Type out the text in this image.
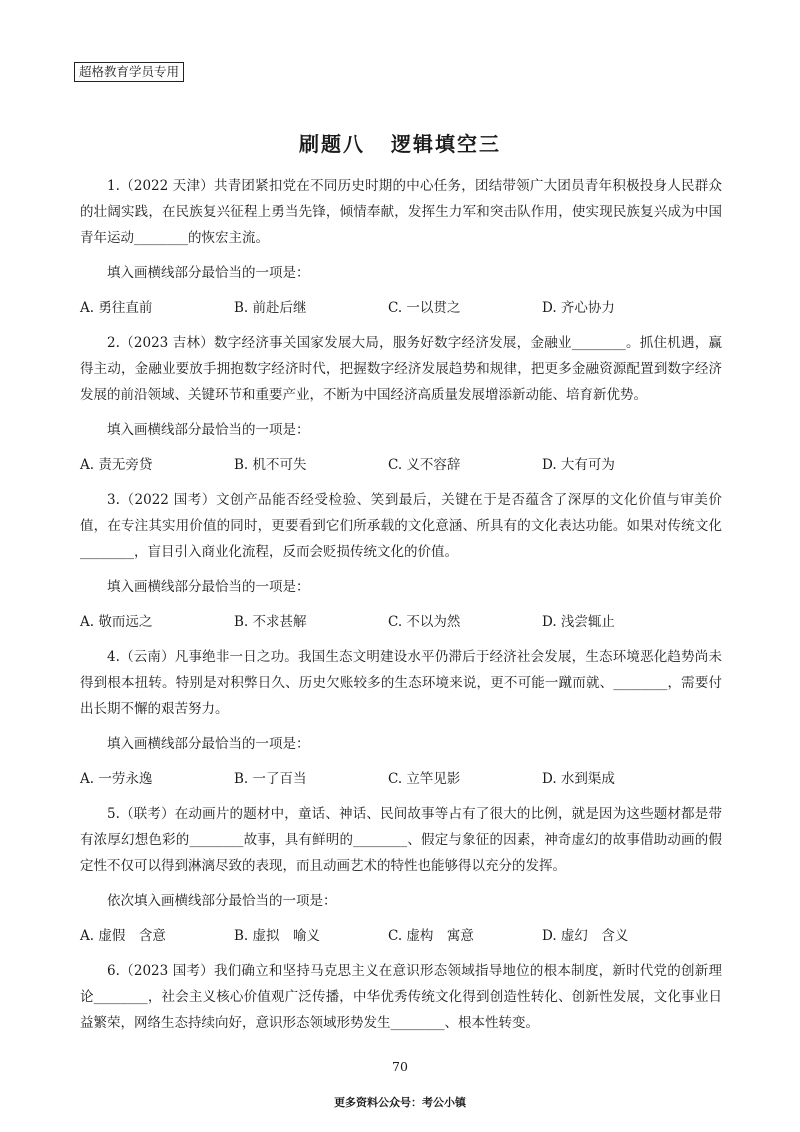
超格教育学员专用
刷题八 逻辑填空三

1.（2022 天津）共青团紧扣党在不同历史时期的中心任务，团结带领广大团员青年积极投身人民群众的壮阔实践，在民族复兴征程上勇当先锋，倾情奉献，发挥生力军和突击队作用，使实现民族复兴成为中国青年运动________的恢宏主流。

填入画横线部分最恰当的一项是：

A. 勇往直前	B. 前赴后继	C. 一以贯之	D. 齐心协力

2.（2023 吉林）数字经济事关国家发展大局，服务好数字经济发展，金融业________。抓住机遇，赢得主动，金融业要放手拥抱数字经济时代，把握数字经济发展趋势和规律，把更多金融资源配置到数字经济发展的前沿领域、关键环节和重要产业，不断为中国经济高质量发展增添新动能、培育新优势。

填入画横线部分最恰当的一项是：

A. 责无旁贷	B. 机不可失	C. 义不容辞	D. 大有可为

3.（2022 国考）文创产品能否经受检验、笑到最后，关键在于是否蕴含了深厚的文化价值与审美价值，在专注其实用价值的同时，更要看到它们所承载的文化意涵、所具有的文化表达功能。如果对传统文化________，盲目引入商业化流程，反而会贬损传统文化的价值。

填入画横线部分最恰当的一项是：

A. 敬而远之	B. 不求甚解	C. 不以为然	D. 浅尝辄止

4.（云南）凡事绝非一日之功。我国生态文明建设水平仍滞后于经济社会发展，生态环境恶化趋势尚未得到根本扭转。特别是对积弊日久、历史欠账较多的生态环境来说，更不可能一蹴而就、________，需要付出长期不懈的艰苦努力。

填入画横线部分最恰当的一项是：

A. 一劳永逸	B. 一了百当	C. 立竿见影	D. 水到渠成

5.（联考）在动画片的题材中，童话、神话、民间故事等占有了很大的比例，就是因为这些题材都是带有浓厚幻想色彩的________故事，具有鲜明的________、假定与象征的因素，神奇虚幻的故事借助动画的假定性不仅可以得到淋漓尽致的表现，而且动画艺术的特性也能够得以充分的发挥。

依次填入画横线部分最恰当的一项是：

A. 虚假　含意	B. 虚拟　喻义	C. 虚构　寓意	D. 虚幻　含义

6.（2023 国考）我们确立和坚持马克思主义在意识形态领域指导地位的根本制度，新时代党的创新理论________，社会主义核心价值观广泛传播，中华优秀传统文化得到创造性转化、创新性发展，文化事业日益繁荣，网络生态持续向好，意识形态领域形势发生________、根本性转变。

70
更多资料公众号：考公小镇
